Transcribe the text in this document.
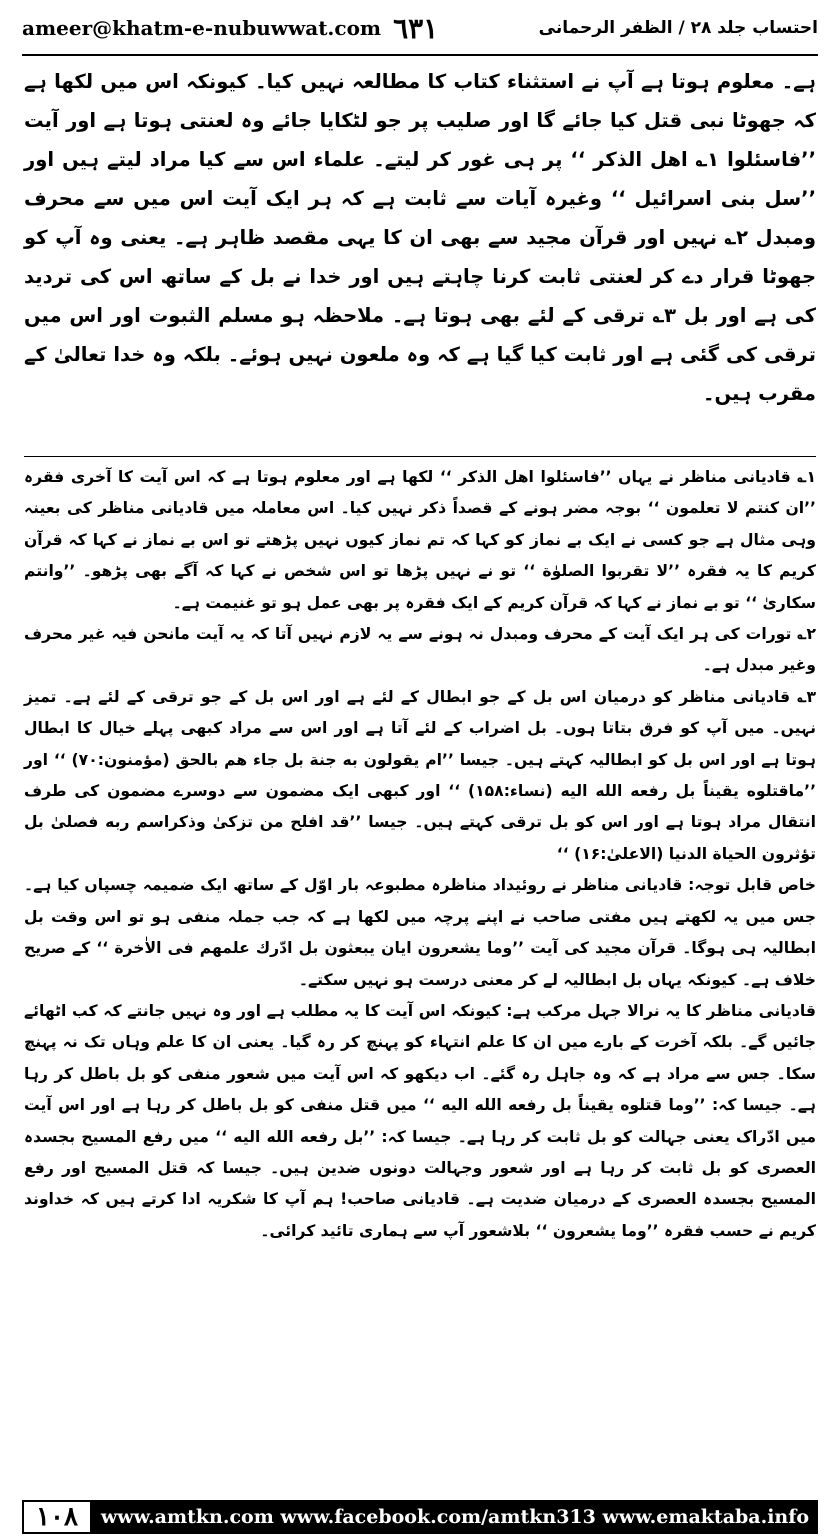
ameer@khatm-e-nubuwwat.com ٦٣١	احتساب جلد ۲۸ / الظفر الرحمانی

ہے۔ معلوم ہوتا ہے آپ نے استثناء کتاب کا مطالعہ نہیں کیا۔ کیونکہ اس میں لکھا ہے کہ جھوٹا نبی قتل کیا جائے گا اور صلیب پر جو لٹکایا جائے وہ لعنتی ہوتا ہے اور آیت ’’فاسئلوا ۱؎ اهل الذكر ‘‘ پر ہی غور کر لیتے۔ علماء اس سے کیا مراد لیتے ہیں اور ’’سل بنی اسرائیل ‘‘ وغیرہ آیات سے ثابت ہے کہ ہر ایک آیت اس میں سے محرف ومبدل ۲؎ نہیں اور قرآن مجید سے بھی ان کا یہی مقصد ظاہر ہے۔ یعنی وہ آپ کو جھوٹا قرار دے کر لعنتی ثابت کرنا چاہتے ہیں اور خدا نے بل کے ساتھ اس کی تردید کی ہے اور بل ۳؎ ترقی کے لئے بھی ہوتا ہے۔ ملاحظہ ہو مسلم الثبوت اور اس میں ترقی کی گئی ہے اور ثابت کیا گیا ہے کہ وہ ملعون نہیں ہوئے۔ بلکہ وہ خدا تعالیٰ کے مقرب ہیں۔

۱؎ قادیانی مناظر نے یہاں ’’فاسئلوا اهل الذكر ‘‘ لکھا ہے اور معلوم ہوتا ہے کہ اس آیت کا آخری فقرہ ’’ان کنتم لا تعلمون ‘‘ بوجہ مضر ہونے کے قصداً ذکر نہیں کیا۔ اس معاملہ میں قادیانی مناظر کی بعینہ وہی مثال ہے جو کسی نے ایک بے نماز کو کہا کہ تم نماز کیوں نہیں پڑھتے تو اس بے نماز نے کہا کہ قرآن کریم کا یہ فقرہ ’’لا تقربوا الصلوٰة ‘‘ تو نے نہیں پڑھا تو اس شخص نے کہا کہ آگے بھی پڑھو۔ ’’وانتم سكاریٰ ‘‘ تو بے نماز نے کہا کہ قرآن کریم کے ایک فقرہ پر بھی عمل ہو تو غنیمت ہے۔

۲؎ تورات کی ہر ایک آیت کے محرف ومبدل نہ ہونے سے یہ لازم نہیں آتا کہ یہ آیت مانحن فیہ غیر محرف وغیر مبدل ہے۔

۳؎ قادیانی مناظر کو درمیان اس بل کے جو ابطال کے لئے ہے اور اس بل کے جو ترقی کے لئے ہے۔ تمیز نہیں۔ میں آپ کو فرق بتاتا ہوں۔ بل اضراب کے لئے آتا ہے اور اس سے مراد کبھی پہلے خیال کا ابطال ہوتا ہے اور اس بل کو ابطالیہ کہتے ہیں۔ جیسا ’’ام یقولون به جنة بل جاء هم بالحق (مؤمنون:۷۰) ‘‘ اور ’’ماقتلوه یقیناً بل رفعه الله الیه (نساء:۱۵۸) ‘‘ اور کبھی ایک مضمون سے دوسرے مضمون کی طرف انتقال مراد ہوتا ہے اور اس کو بل ترقی کہتے ہیں۔ جیسا ’’قد افلح من تزكیٰ وذكراسم ربه فصلیٰ بل تؤثرون الحیاة الدنیا (الاعلیٰ:۱۶) ‘‘

خاص قابل توجہ: قادیانی مناظر نے روئیداد مناظرہ مطبوعہ بار اوّل کے ساتھ ایک ضمیمہ چسپاں کیا ہے۔ جس میں یہ لکھتے ہیں مفتی صاحب نے اپنے پرچہ میں لکھا ہے کہ جب جملہ منفی ہو تو اس وقت بل ابطالیہ ہی ہوگا۔ قرآن مجید کی آیت ’’وما یشعرون ایان یبعثون بل ادّرك علمهم فی الاٰخرة ‘‘ کے صریح خلاف ہے۔ کیونکہ یہاں بل ابطالیہ لے کر معنی درست ہو نہیں سکتے۔

قادیانی مناظر کا یہ نرالا جہل مرکب ہے: کیونکہ اس آیت کا یہ مطلب ہے اور وہ نہیں جانتے کہ کب اٹھائے جائیں گے۔ بلکہ آخرت کے بارے میں ان کا علم انتہاء کو پہنچ کر رہ گیا۔ یعنی ان کا علم وہاں تک نہ پہنچ سکا۔ جس سے مراد ہے کہ وہ جاہل رہ گئے۔ اب دیکھو کہ اس آیت میں شعور منفی کو بل باطل کر رہا ہے۔ جیسا کہ: ’’وما قتلوه یقیناً بل رفعه الله الیه ‘‘ میں قتل منفی کو بل باطل کر رہا ہے اور اس آیت میں ادّراک یعنی جہالت کو بل ثابت کر رہا ہے۔ جیسا کہ: ’’بل رفعه الله الیه ‘‘ میں رفع المسیح بجسدہ العصری کو بل ثابت کر رہا ہے اور شعور وجہالت دونوں ضدین ہیں۔ جیسا کہ قتل المسیح اور رفع المسیح بجسدہ العصری کے درمیان ضدیت ہے۔ قادیانی صاحب! ہم آپ کا شکریہ ادا کرتے ہیں کہ خداوند کریم نے حسب فقرہ ’’وما یشعرون ‘‘ بلاشعور آپ سے ہماری تائید کرائی۔

۱۰۸	www.amtkn.com www.facebook.com/amtkn313 www.emaktaba.info
